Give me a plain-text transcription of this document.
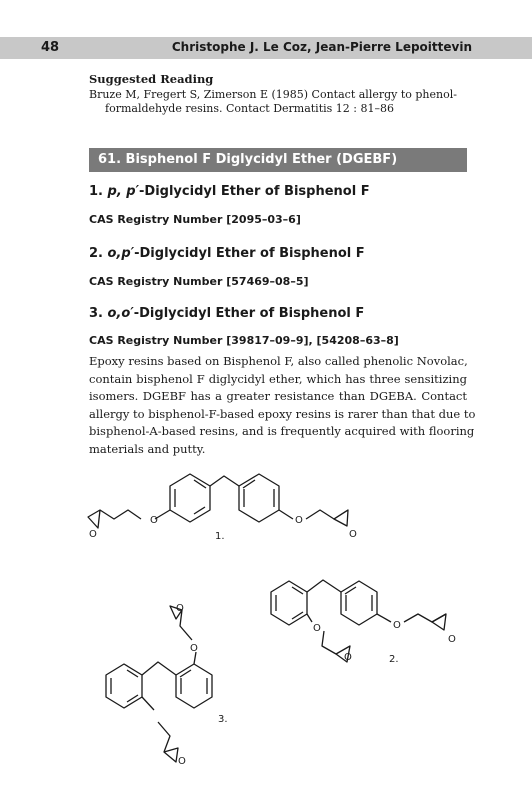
48	Christophe J. Le Coz, Jean-Pierre Lepoittevin
Suggested Reading
Bruze M, Fregert S, Zimerson E (1985) Contact allergy to phenol-formaldehyde resins. Contact Dermatitis 12 : 81–86
61. Bisphenol F Diglycidyl Ether (DGEBF)
1. p, p′-Diglycidyl Ether of Bisphenol F
CAS Registry Number [2095–03–6]
2. o,p′-Diglycidyl Ether of Bisphenol F
CAS Registry Number [57469–08–5]
3. o,o′-Diglycidyl Ether of Bisphenol F
CAS Registry Number [39817–09–9], [54208–63–8]
Epoxy resins based on Bisphenol F, also called phenolic Novolac,
contain bisphenol F diglycidyl ether, which has three sensitizing
isomers. DGEBF has a greater resistance than DGEBA. Contact
allergy to bisphenol-F-based epoxy resins is rarer than that due to
bisphenol-A-based resins, and is frequently acquired with flooring
materials and putty.
O
O
O
O
1.
O
O
O
O
2.
O
O
O
3.
